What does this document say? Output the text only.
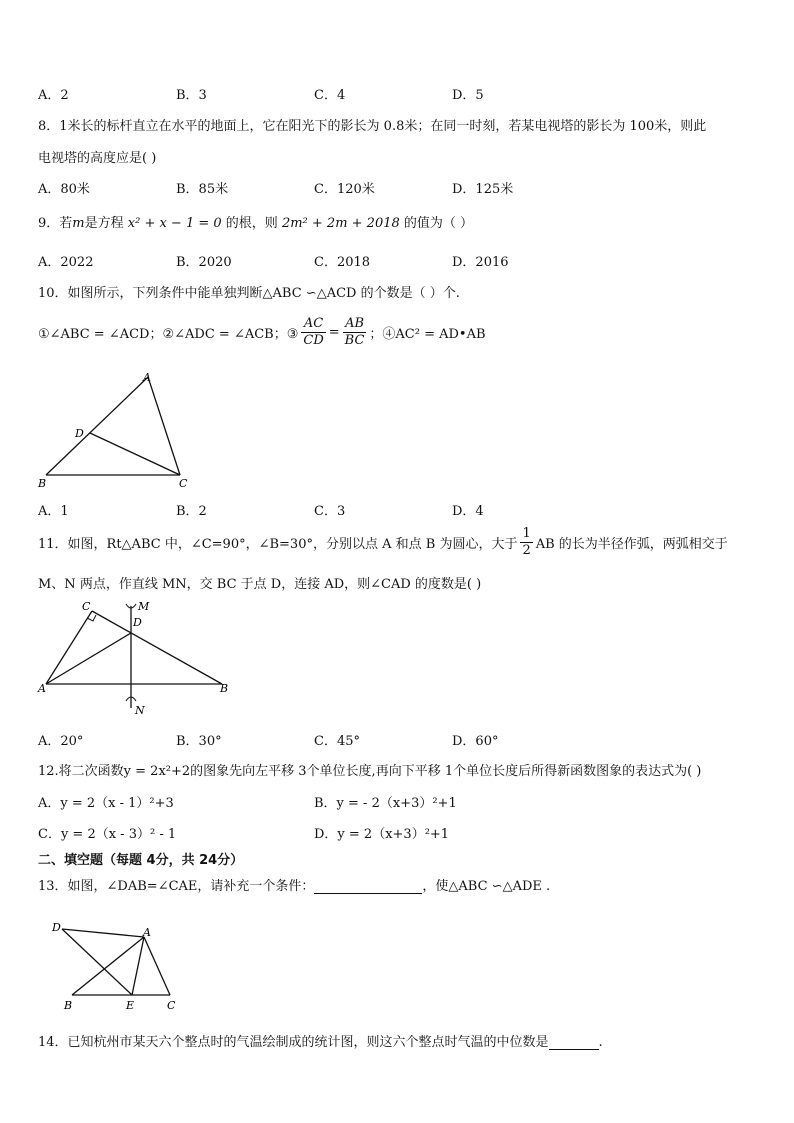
A．2	B．3	C．4	D．5
8．1米长的标杆直立在水平的地面上，它在阳光下的影长为 0.8米；在同一时刻，若某电视塔的影长为 100米，则此
电视塔的高度应是( )
A．80米	B．85米	C．120米	D．125米
9．若m是方程 x² + x − 1 = 0 的根，则 2m² + 2m + 2018 的值为（ ）
A．2022	B．2020	C．2018	D．2016
10．如图所示，下列条件中能单独判断△ABC ∽△ACD 的个数是（ ）个.
①∠ABC = ∠ACD；②∠ADC = ∠ACB；③ $\frac{AC}{CD} = \frac{AB}{BC}$ ；④AC² = AD•AB
A
D
B	C
A．1	B．2	C．3	D．4
11．如图，Rt△ABC 中，∠C=90°，∠B=30°，分别以点 A 和点 B 为圆心，大于 $\frac{1}{2}$ AB 的长为半径作弧，两弧相交于
M、N 两点，作直线 MN，交 BC 于点 D，连接 AD，则∠CAD 的度数是( )
C	M
D
A	B
N
A．20°	B．30°	C．45°	D．60°
12.将二次函数y = 2x²+2的图象先向左平移 3个单位长度,再向下平移 1个单位长度后所得新函数图象的表达式为( )
A．y = 2（x - 1）²+3	B．y = - 2（x+3）²+1
C．y = 2（x - 3）² - 1	D．y = 2（x+3）²+1
二、填空题（每题 4分，共 24分）
13．如图，∠DAB=∠CAE，请补充一个条件：	，使△ABC ∽△ADE .
D	A
B	E	C
14．已知杭州市某天六个整点时的气温绘制成的统计图，则这六个整点时气温的中位数是	.
